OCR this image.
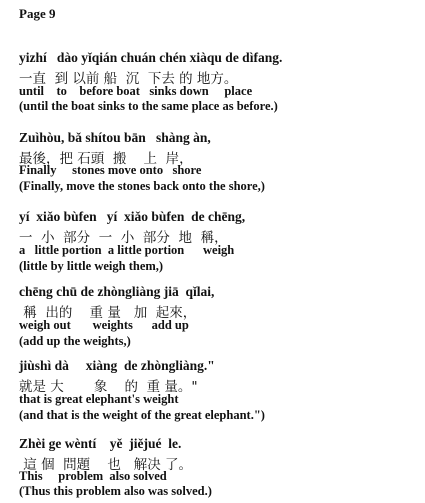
Page 9
yizhí   dào yǐqián chuán chén xiàqu de dìfang.
一直  到 以前 船  沉  下去 的 地方。
until    to    before boat   sinks down     place
(until the boat sinks to the same place as before.)
Zuìhòu, bǎ shítou bān   shàng àn,
最後，把 石頭  搬    上  岸，
Finally     stones move onto   shore
(Finally, move the stones back onto the shore,)
yí  xiǎo bùfen   yí  xiǎo bùfen  de chēng,
一  小  部分  一  小  部分  地  稱，
a   little portion  a little portion      weigh
(little by little weigh them,)
chēng chū de zhòngliàng jiā  qǐlai,
稱  出的    重 量   加  起來，
weigh out       weights      add up
(add up the weights,)
jiùshì dà     xiàng  de zhòngliàng."
就是 大       象    的  重 量。"
that is great elephant's weight
(and that is the weight of the great elephant.")
Zhèi ge wèntí    yě  jiějué  le.
這 個  問題    也   解决 了。
This     problem  also solved
(Thus this problem also was solved.)
